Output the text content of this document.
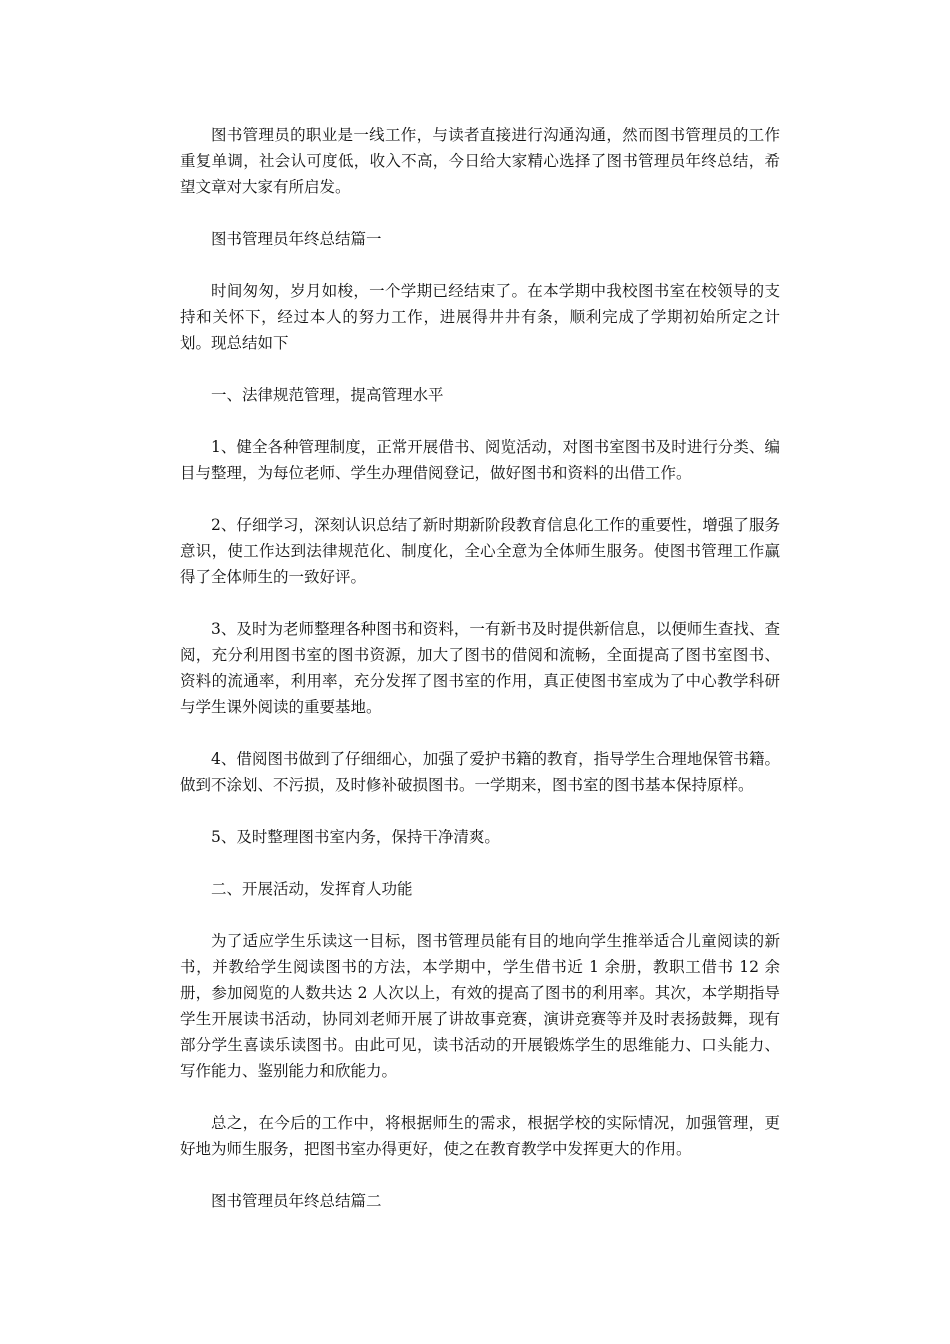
图书管理员的职业是一线工作，与读者直接进行沟通沟通，然而图书管理员的工作重复单调，社会认可度低，收入不高，今日给大家精心选择了图书管理员年终总结，希望文章对大家有所启发。

图书管理员年终总结篇一

时间匆匆，岁月如梭，一个学期已经结束了。在本学期中我校图书室在校领导的支持和关怀下，经过本人的努力工作，进展得井井有条，顺利完成了学期初始所定之计划。现总结如下

一、法律规范管理，提高管理水平

1、健全各种管理制度，正常开展借书、阅览活动，对图书室图书及时进行分类、编目与整理，为每位老师、学生办理借阅登记，做好图书和资料的出借工作。

2、仔细学习，深刻认识总结了新时期新阶段教育信息化工作的重要性，增强了服务意识，使工作达到法律规范化、制度化，全心全意为全体师生服务。使图书管理工作赢得了全体师生的一致好评。

3、及时为老师整理各种图书和资料，一有新书及时提供新信息，以便师生查找、查阅，充分利用图书室的图书资源，加大了图书的借阅和流畅，全面提高了图书室图书、资料的流通率，利用率，充分发挥了图书室的作用，真正使图书室成为了中心教学科研与学生课外阅读的重要基地。

4、借阅图书做到了仔细细心，加强了爱护书籍的教育，指导学生合理地保管书籍。做到不涂划、不污损，及时修补破损图书。一学期来，图书室的图书基本保持原样。

5、及时整理图书室内务，保持干净清爽。

二、开展活动，发挥育人功能

为了适应学生乐读这一目标，图书管理员能有目的地向学生推举适合儿童阅读的新书，并教给学生阅读图书的方法，本学期中，学生借书近 1 余册，教职工借书 12 余册，参加阅览的人数共达 2 人次以上，有效的提高了图书的利用率。其次，本学期指导学生开展读书活动，协同刘老师开展了讲故事竞赛，演讲竞赛等并及时表扬鼓舞，现有部分学生喜读乐读图书。由此可见，读书活动的开展锻炼学生的思维能力、口头能力、写作能力、鉴别能力和欣能力。

总之，在今后的工作中，将根据师生的需求，根据学校的实际情况，加强管理，更好地为师生服务，把图书室办得更好，使之在教育教学中发挥更大的作用。

图书管理员年终总结篇二
